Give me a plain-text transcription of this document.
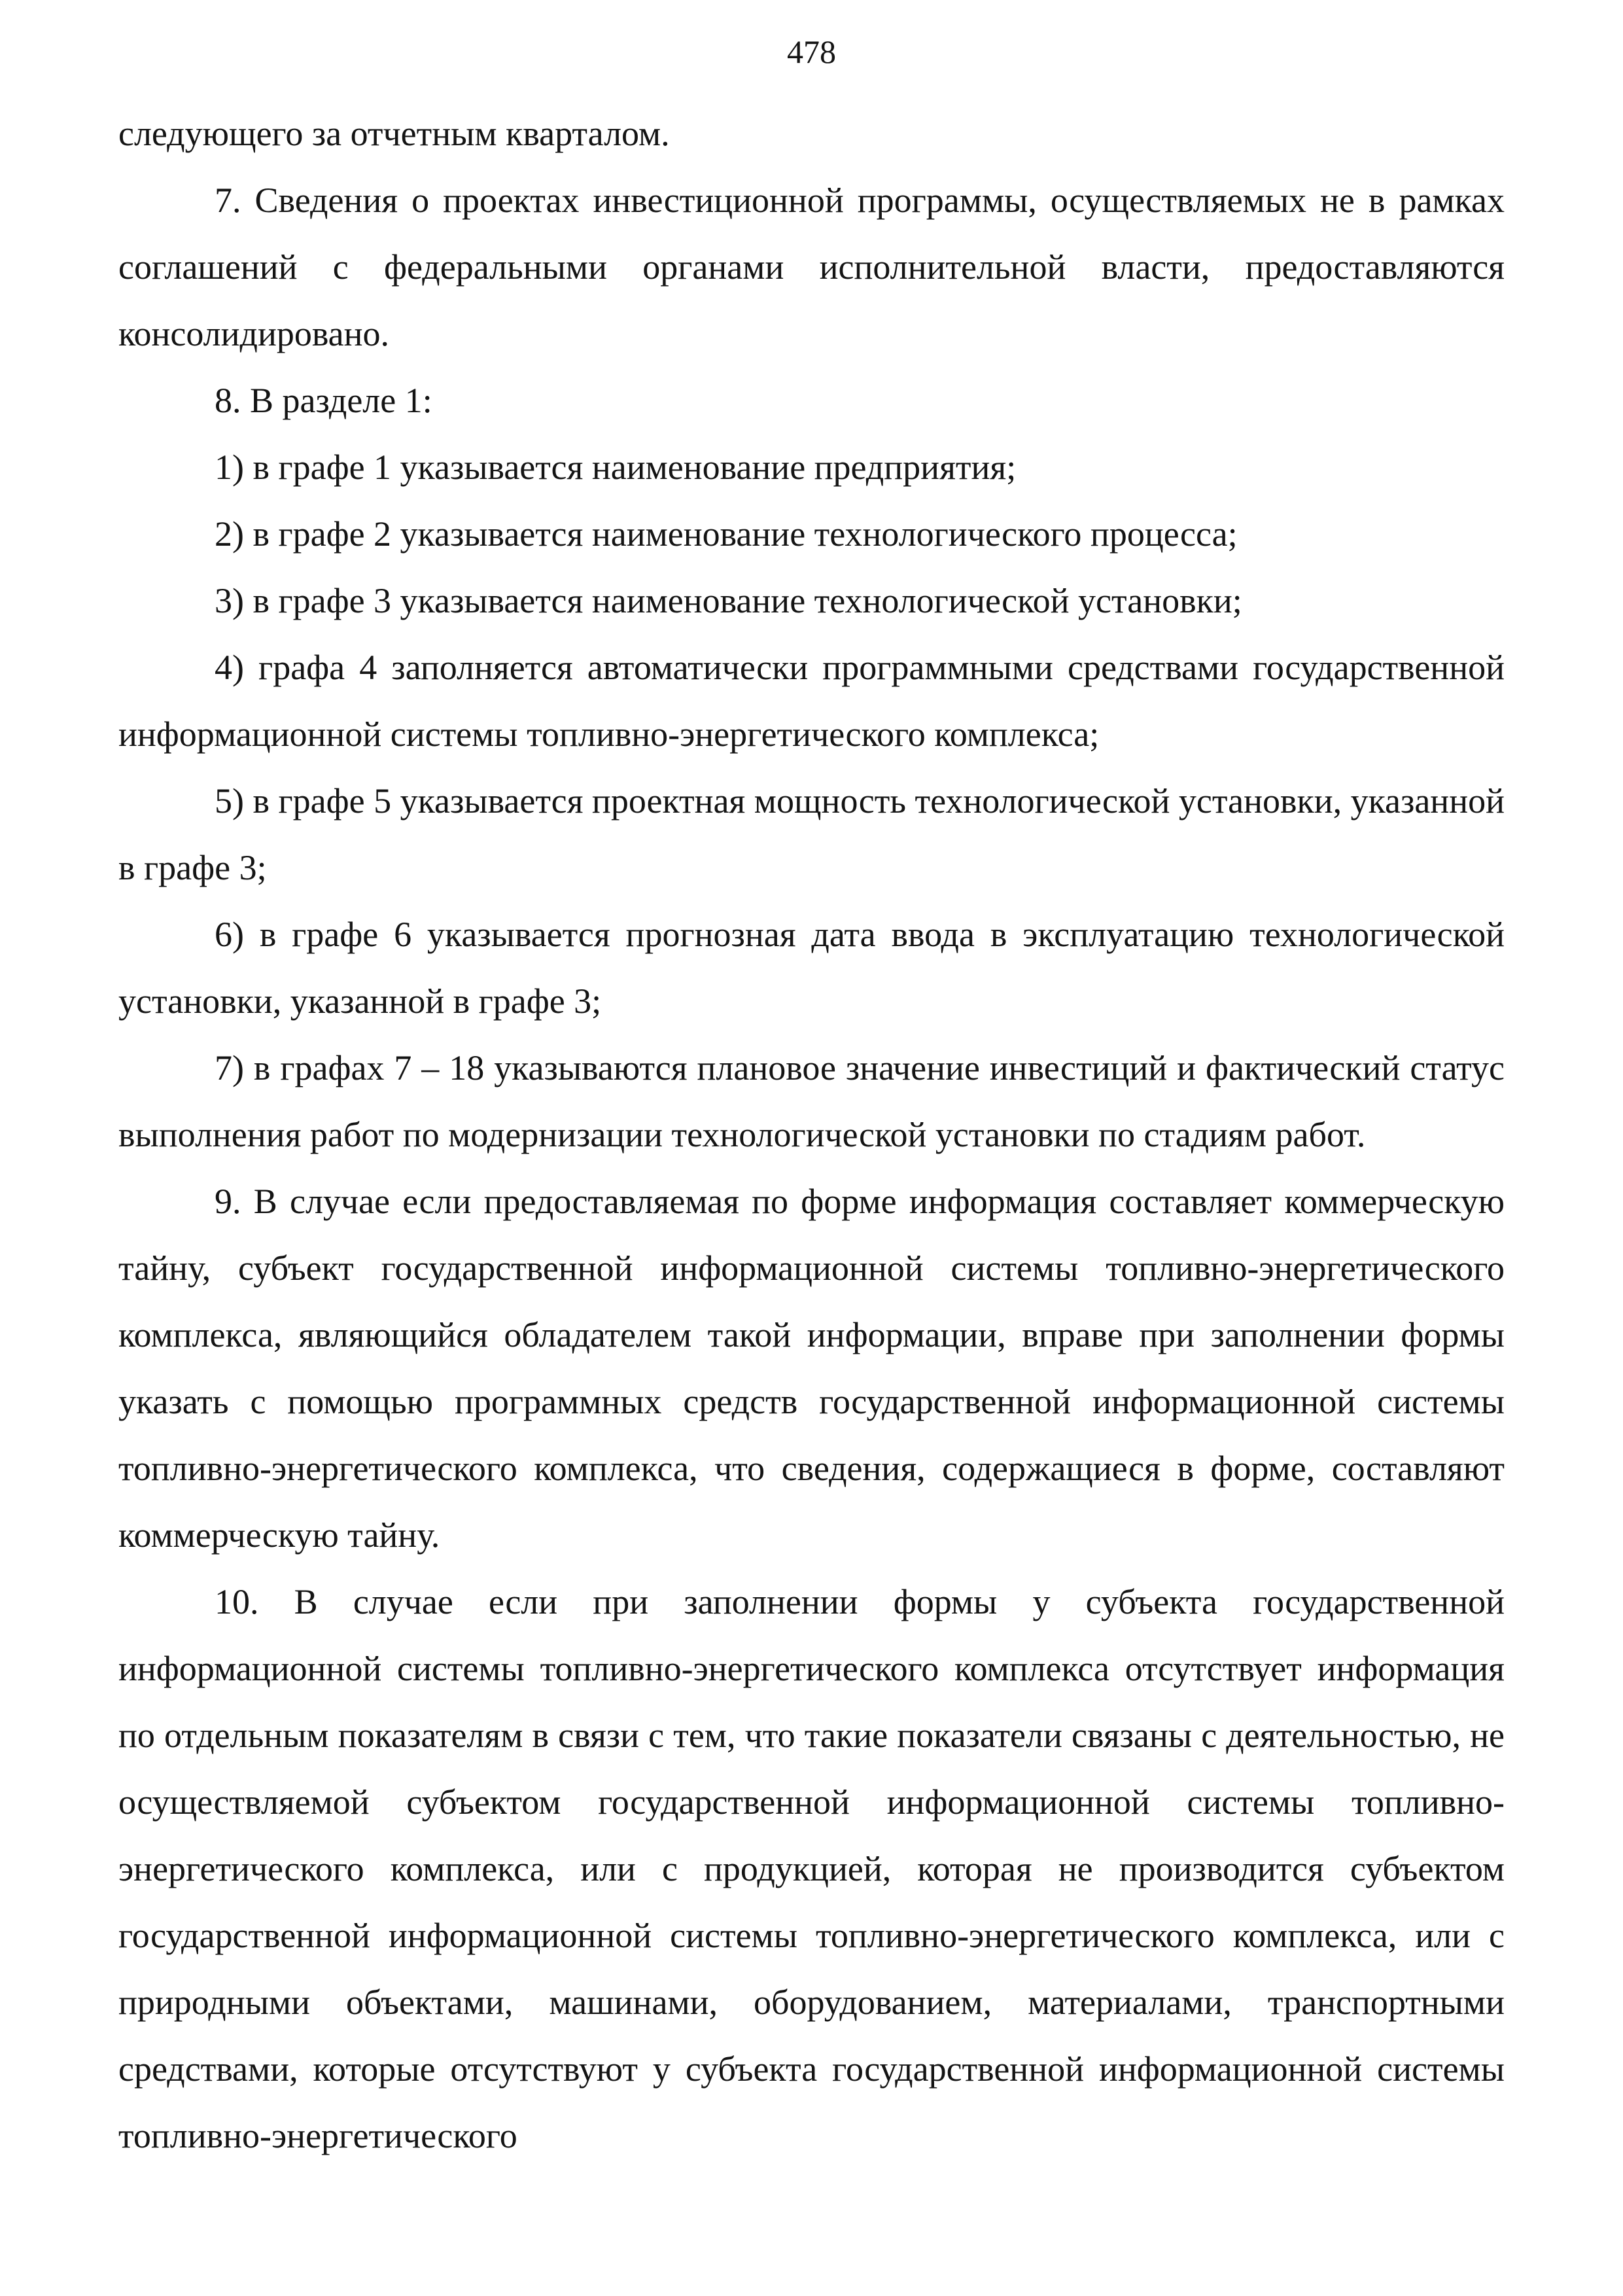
478

следующего за отчетным кварталом.

7. Сведения о проектах инвестиционной программы, осуществляемых не в рамках соглашений с федеральными органами исполнительной власти, предоставляются консолидировано.

8. В разделе 1:

1) в графе 1 указывается наименование предприятия;

2) в графе 2 указывается наименование технологического процесса;

3) в графе 3 указывается наименование технологической установки;

4) графа 4 заполняется автоматически программными средствами государственной информационной системы топливно-энергетического комплекса;

5) в графе 5 указывается проектная мощность технологической установки, указанной в графе 3;

6) в графе 6 указывается прогнозная дата ввода в эксплуатацию технологической установки, указанной в графе 3;

7) в графах 7 – 18 указываются плановое значение инвестиций и фактический статус выполнения работ по модернизации технологической установки по стадиям работ.

9. В случае если предоставляемая по форме информация составляет коммерческую тайну, субъект государственной информационной системы топливно-энергетического комплекса, являющийся обладателем такой информации, вправе при заполнении формы указать с помощью программных средств государственной информационной системы топливно-энергетического комплекса, что сведения, содержащиеся в форме, составляют коммерческую тайну.

10. В случае если при заполнении формы у субъекта государственной информационной системы топливно-энергетического комплекса отсутствует информация по отдельным показателям в связи с тем, что такие показатели связаны с деятельностью, не осуществляемой субъектом государственной информационной системы топливно-энергетического комплекса, или с продукцией, которая не производится субъектом государственной информационной системы топливно-энергетического комплекса, или с природными объектами, машинами, оборудованием, материалами, транспортными средствами, которые отсутствуют у субъекта государственной информационной системы топливно-энергетического
